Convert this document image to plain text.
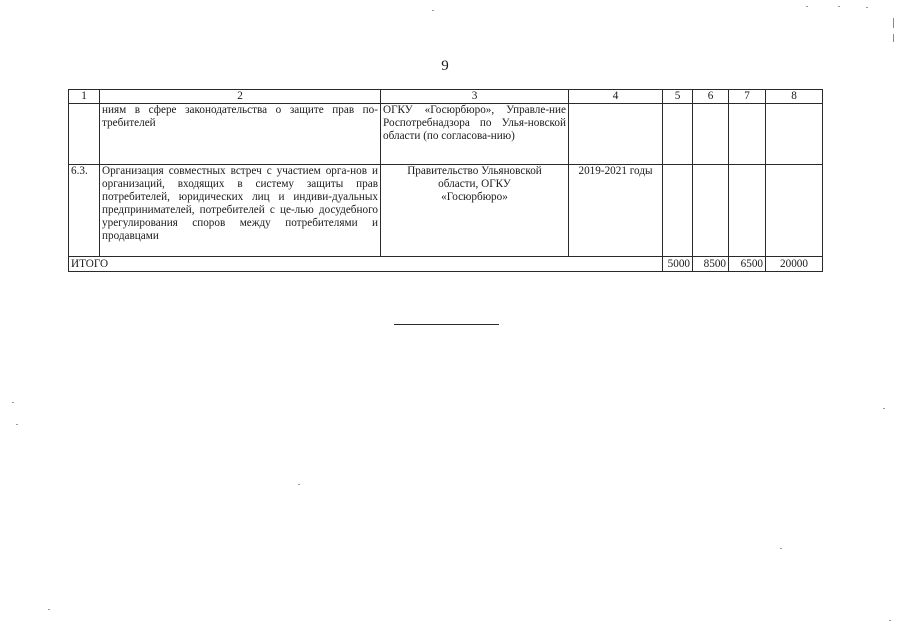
9
1	2	3	4	5	6	7	8
	ниям в сфере законодательства о защите прав по-требителей	ОГКУ «Госюрбюро», Управле-ние Роспотребнадзора по Улья-новской области (по согласова-нию)					
6.3.	Организация совместных встреч с участием орга-нов и организаций, входящих в систему защиты прав потребителей, юридических лиц и индиви-дуальных предпринимателей, потребителей с це-лью досудебного урегулирования споров между потребителями и продавцами	Правительство Ульяновской области, ОГКУ «Госюрбюро»	2019-2021 годы				
ИТОГО				5000	8500	6500	20000
